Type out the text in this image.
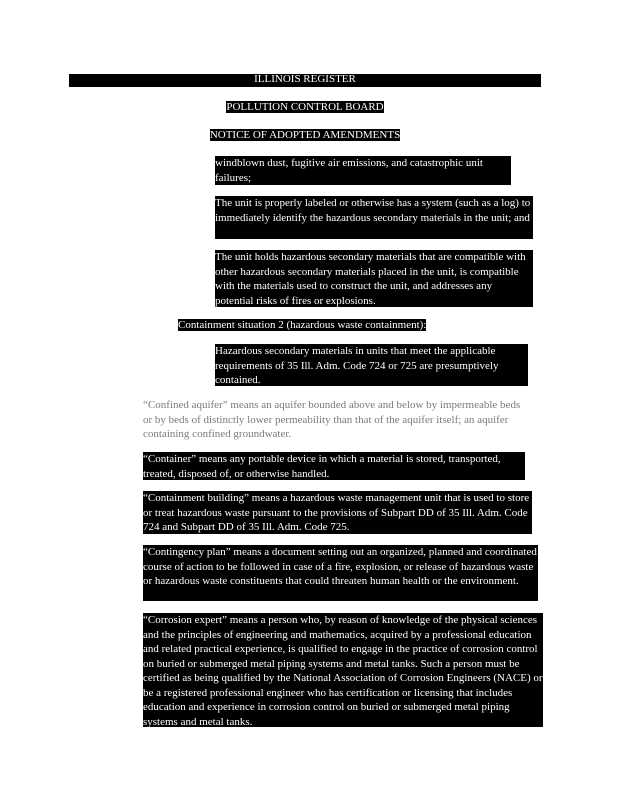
ILLINOIS REGISTER

POLLUTION CONTROL BOARD

NOTICE OF ADOPTED AMENDMENTS

windblown dust, fugitive air emissions, and catastrophic unit failures;

The unit is properly labeled or otherwise has a system (such as a log) to immediately identify the hazardous secondary materials in the unit; and

The unit holds hazardous secondary materials that are compatible with other hazardous secondary materials placed in the unit, is compatible with the materials used to construct the unit, and addresses any potential risks of fires or explosions.

Containment situation 2 (hazardous waste containment):

Hazardous secondary materials in units that meet the applicable requirements of 35 Ill. Adm. Code 724 or 725 are presumptively contained.

“Confined aquifer” means an aquifer bounded above and below by impermeable beds or by beds of distinctly lower permeability than that of the aquifer itself; an aquifer containing confined groundwater.

“Container” means any portable device in which a material is stored, transported, treated, disposed of, or otherwise handled.

“Containment building” means a hazardous waste management unit that is used to store or treat hazardous waste pursuant to the provisions of Subpart DD of 35 Ill. Adm. Code 724 and Subpart DD of 35 Ill. Adm. Code 725.

“Contingency plan” means a document setting out an organized, planned and coordinated course of action to be followed in case of a fire, explosion, or release of hazardous waste or hazardous waste constituents that could threaten human health or the environment.

“Corrosion expert” means a person who, by reason of knowledge of the physical sciences and the principles of engineering and mathematics, acquired by a professional education and related practical experience, is qualified to engage in the practice of corrosion control on buried or submerged metal piping systems and metal tanks. Such a person must be certified as being qualified by the National Association of Corrosion Engineers (NACE) or be a registered professional engineer who has certification or licensing that includes education and experience in corrosion control on buried or submerged metal piping systems and metal tanks.
